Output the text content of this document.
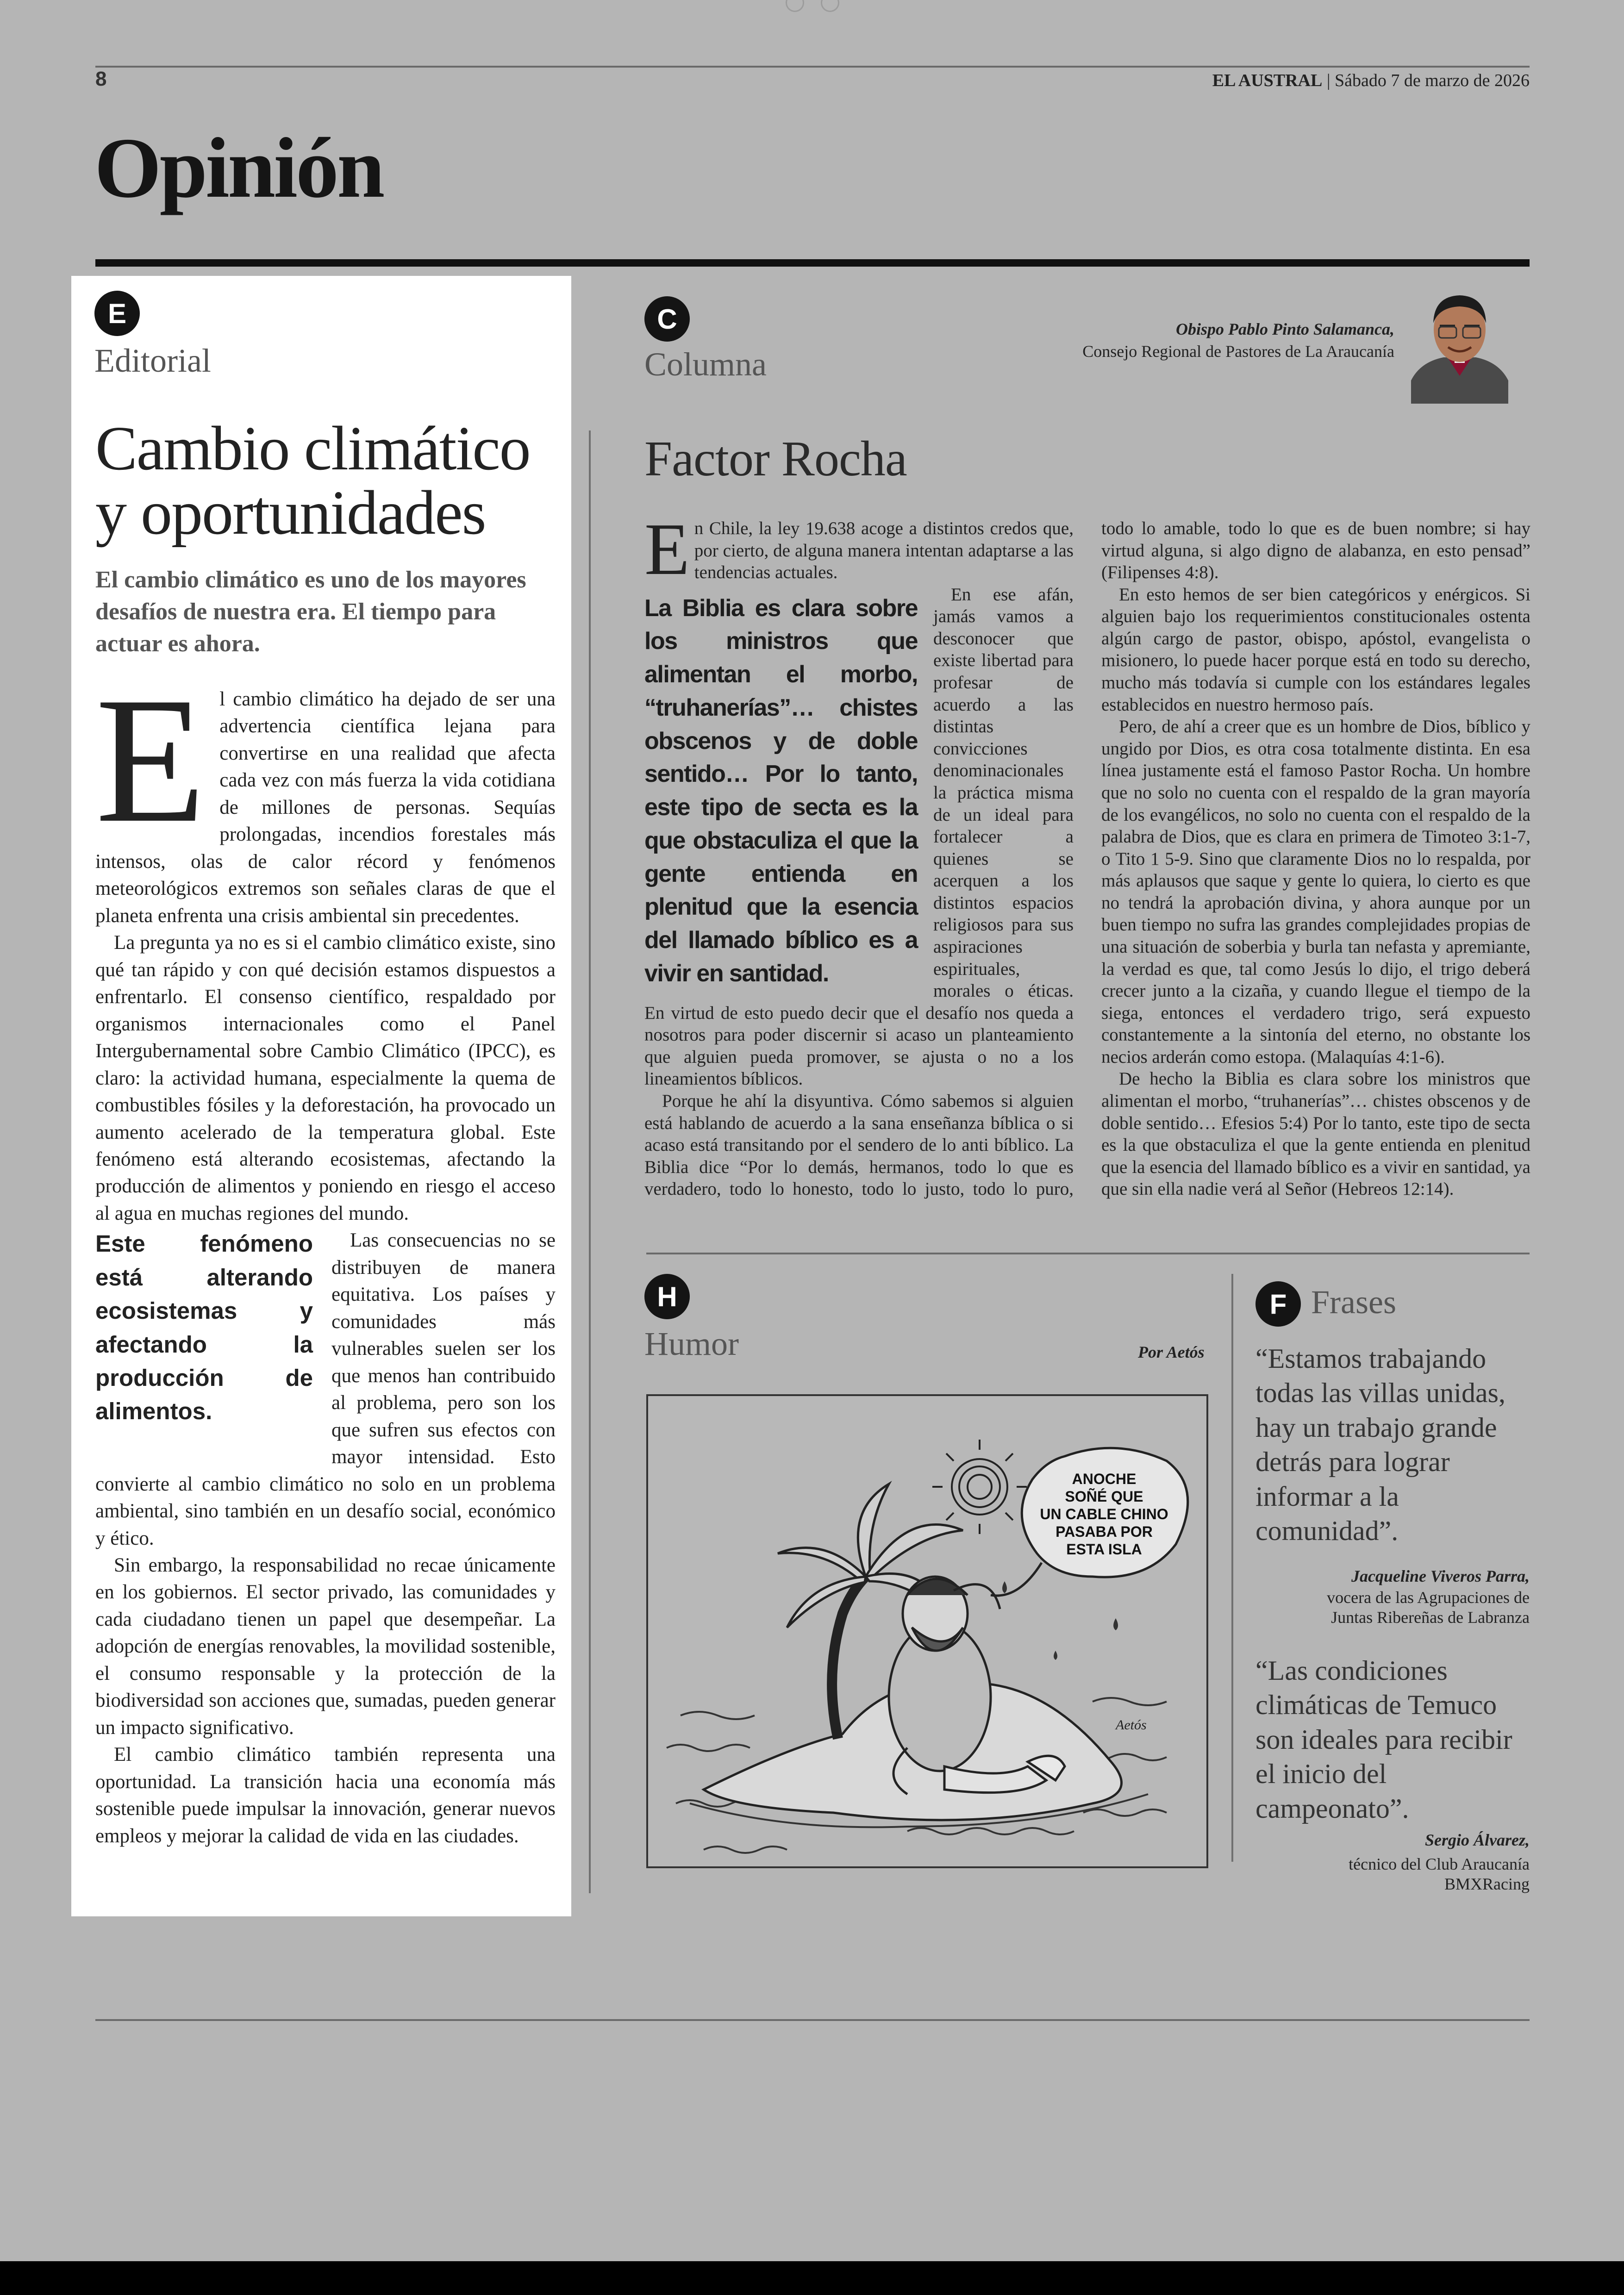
8	EL AUSTRAL | Sábado 7 de marzo de 2026
Opinión
E
Editorial
Cambio climático
y oportunidades
El cambio climático es uno de los mayores desafíos de nuestra era. El tiempo para actuar es ahora.
E l cambio climático ha dejado de ser una advertencia científica lejana para convertirse en una realidad que afecta cada vez con más fuerza la vida cotidiana de millones de personas. Sequías prolongadas, incendios forestales más intensos, olas de calor récord y fenómenos meteorológicos extremos son señales claras de que el planeta enfrenta una crisis ambiental sin precedentes.

La pregunta ya no es si el cambio climático existe, sino qué tan rápido y con qué decisión estamos dispuestos a enfrentarlo. El consenso científico, respaldado por organismos internacionales como el Panel Intergubernamental sobre Cambio Climático (IPCC), es claro: la actividad humana, especialmente la quema de combustibles fósiles y la deforestación, ha provocado un aumento acelerado de la temperatura global. Este fenómeno está alterando ecosistemas, afectando la producción de alimentos y poniendo en riesgo el acceso al agua en muchas regiones del mundo.

Este fenómeno está alterando ecosistemas y afectando la producción de alimentos.

Las consecuencias no se distribuyen de manera equitativa. Los países y comunidades más vulnerables suelen ser los que menos han contribuido al problema, pero son los que sufren sus efectos con mayor intensidad. Esto convierte al cambio climático no solo en un problema ambiental, sino también en un desafío social, económico y ético.

Sin embargo, la responsabilidad no recae únicamente en los gobiernos. El sector privado, las comunidades y cada ciudadano tienen un papel que desempeñar. La adopción de energías renovables, la movilidad sostenible, el consumo responsable y la protección de la biodiversidad son acciones que, sumadas, pueden generar un impacto significativo.

El cambio climático también representa una oportunidad. La transición hacia una economía más sostenible puede impulsar la innovación, generar nuevos empleos y mejorar la calidad de vida en las ciudades.

C
Columna
Obispo Pablo Pinto Salamanca,
Consejo Regional de Pastores de La Araucanía
Factor Rocha
E n Chile, la ley 19.638 acoge a distintos credos que, por cierto, de alguna manera intentan adaptarse a las tendencias actuales.

La Biblia es clara sobre los ministros que alimentan el morbo, “truhanerías”… chistes obscenos y de doble sentido… Por lo tanto, este tipo de secta es la que obstaculiza el que la gente entienda en plenitud que la esencia del llamado bíblico es a vivir en santidad.

En ese afán, jamás vamos a desconocer que existe libertad para profesar de acuerdo a las distintas convicciones denominacionales la práctica misma de un ideal para fortalecer a quienes se acerquen a los distintos espacios religiosos para sus aspiraciones espirituales, morales o éticas. En virtud de esto puedo decir que el desafío nos queda a nosotros para poder discernir si acaso un planteamiento que alguien pueda promover, se ajusta o no a los lineamientos bíblicos.

Porque he ahí la disyuntiva. Cómo sabemos si alguien está hablando de acuerdo a la sana enseñanza bíblica o si acaso está transitando por el sendero de lo anti bíblico. La Biblia dice “Por lo demás, hermanos, todo lo que es verdadero, todo lo honesto, todo lo justo, todo lo puro, todo lo amable, todo lo que es de buen nombre; si hay virtud alguna, si algo digno de alabanza, en esto pensad” (Filipenses 4:8).

En esto hemos de ser bien categóricos y enérgicos. Si alguien bajo los requerimientos constitucionales ostenta algún cargo de pastor, obispo, apóstol, evangelista o misionero, lo puede hacer porque está en todo su derecho, mucho más todavía si cumple con los estándares legales establecidos en nuestro hermoso país.

Pero, de ahí a creer que es un hombre de Dios, bíblico y ungido por Dios, es otra cosa totalmente distinta. En esa línea justamente está el famoso Pastor Rocha. Un hombre que no solo no cuenta con el respaldo de la gran mayoría de los evangélicos, no solo no cuenta con el respaldo de la palabra de Dios, que es clara en primera de Timoteo 3:1-7, o Tito 1 5-9. Sino que claramente Dios no lo respalda, por más aplausos que saque y gente lo quiera, lo cierto es que no tendrá la aprobación divina, y ahora aunque por un buen tiempo no sufra las grandes complejidades propias de una situación de soberbia y burla tan nefasta y apremiante, la verdad es que, tal como Jesús lo dijo, el trigo deberá crecer junto a la cizaña, y cuando llegue el tiempo de la siega, entonces el verdadero trigo, será expuesto constantemente a la sintonía del eterno, no obstante los necios arderán como estopa. (Malaquías 4:1-6).

De hecho la Biblia es clara sobre los ministros que alimentan el morbo, “truhanerías”… chistes obscenos y de doble sentido… Efesios 5:4) Por lo tanto, este tipo de secta es la que obstaculiza el que la gente entienda en plenitud que la esencia del llamado bíblico es a vivir en santidad, ya que sin ella nadie verá al Señor (Hebreos 12:14).

H
Humor	Por Aetós
ANOCHE
SOÑÉ QUE
UN CABLE CHINO
PASABA POR
ESTA ISLA
Aetós
F Frases
“Estamos trabajando todas las villas unidas, hay un trabajo grande detrás para lograr informar a la comunidad”.
Jacqueline Viveros Parra,
vocera de las Agrupaciones de Juntas Ribereñas de Labranza
“Las condiciones climáticas de Temuco son ideales para recibir el inicio del campeonato”.
Sergio Álvarez,
técnico del Club Araucanía BMXRacing
